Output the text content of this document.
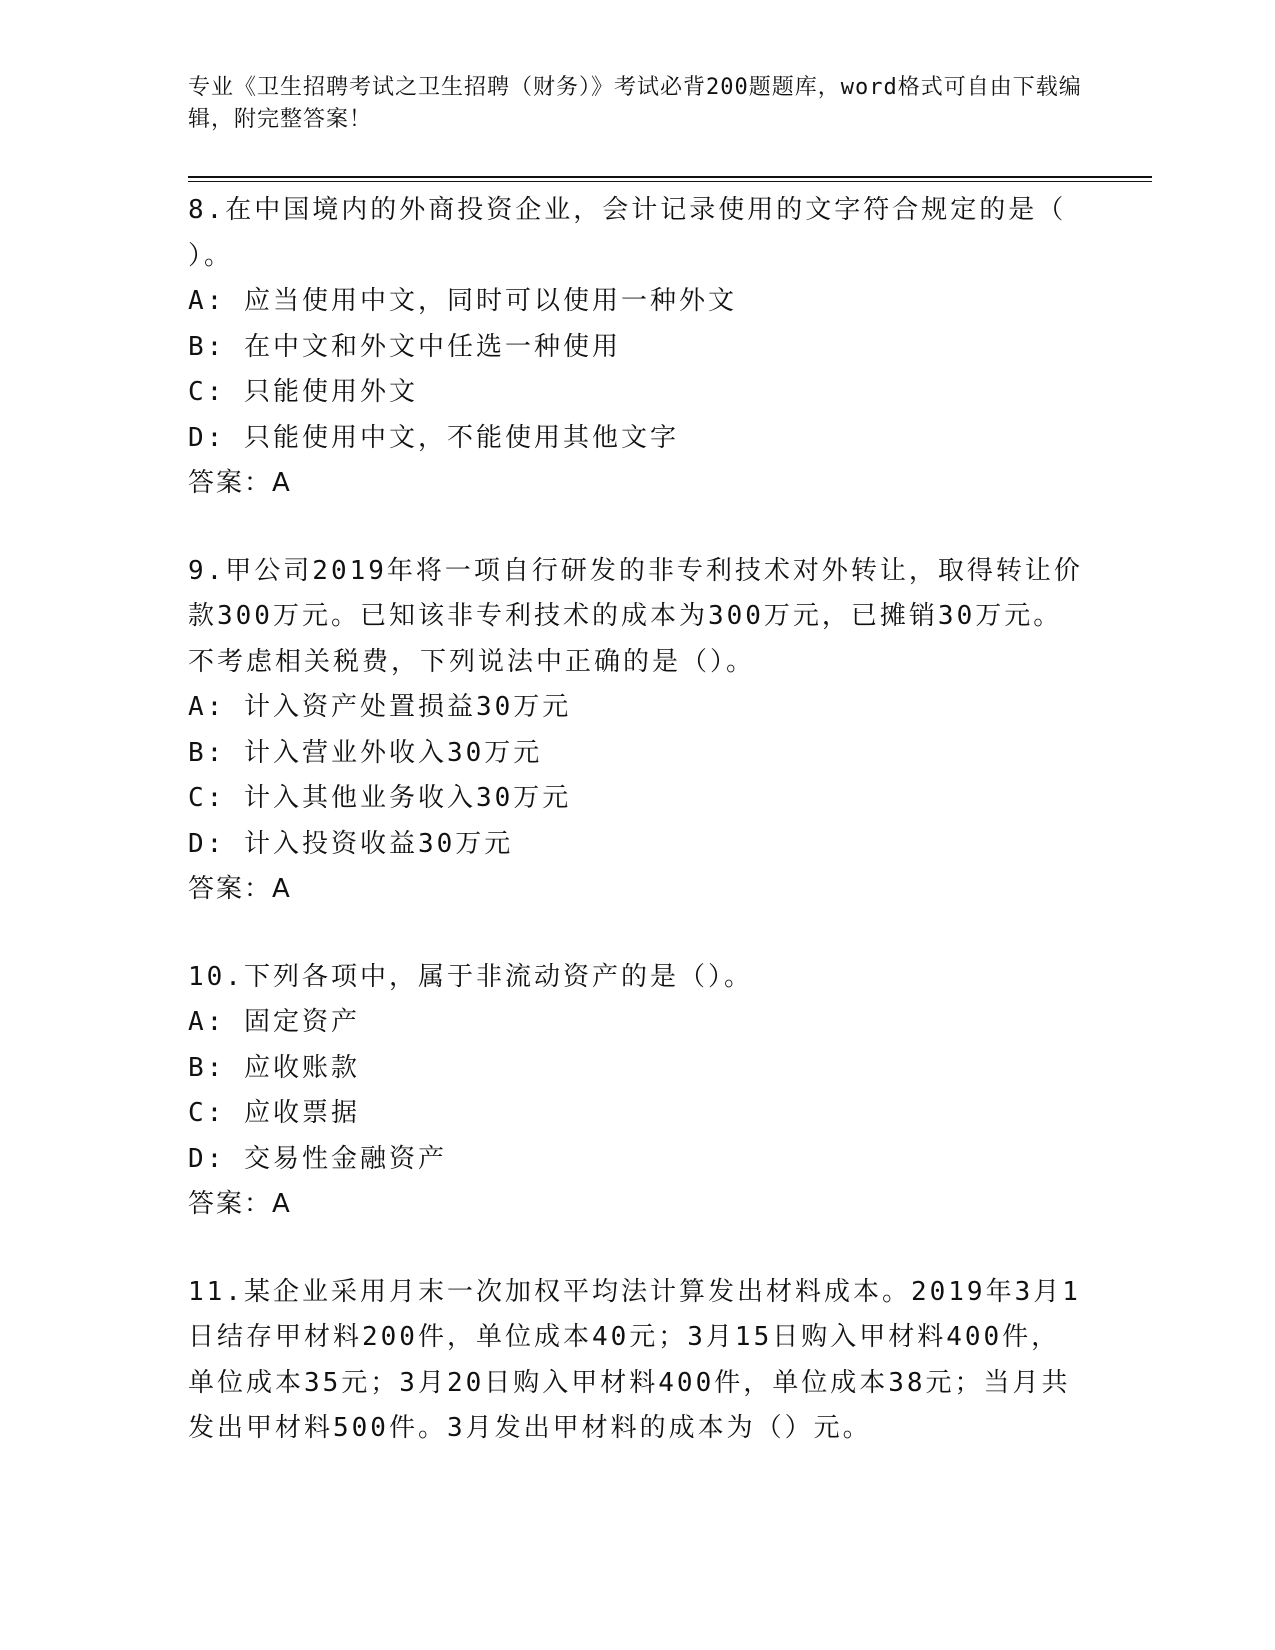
专业《卫生招聘考试之卫生招聘（财务）》考试必背200题题库，word格式可自由下载编辑，附完整答案！
8.在中国境内的外商投资企业，会计记录使用的文字符合规定的是（ ）。
A: 应当使用中文，同时可以使用一种外文
B: 在中文和外文中任选一种使用
C: 只能使用外文
D: 只能使用中文，不能使用其他文字
答案：A
9.甲公司2019年将一项自行研发的非专利技术对外转让，取得转让价款300万元。已知该非专利技术的成本为300万元，已摊销30万元。不考虑相关税费，下列说法中正确的是（）。
A: 计入资产处置损益30万元
B: 计入营业外收入30万元
C: 计入其他业务收入30万元
D: 计入投资收益30万元
答案：A
10.下列各项中，属于非流动资产的是（）。
A: 固定资产
B: 应收账款
C: 应收票据
D: 交易性金融资产
答案：A
11.某企业采用月末一次加权平均法计算发出材料成本。2019年3月1日结存甲材料200件，单位成本40元；3月15日购入甲材料400件，单位成本35元；3月20日购入甲材料400件，单位成本38元；当月共发出甲材料500件。3月发出甲材料的成本为（）元。
